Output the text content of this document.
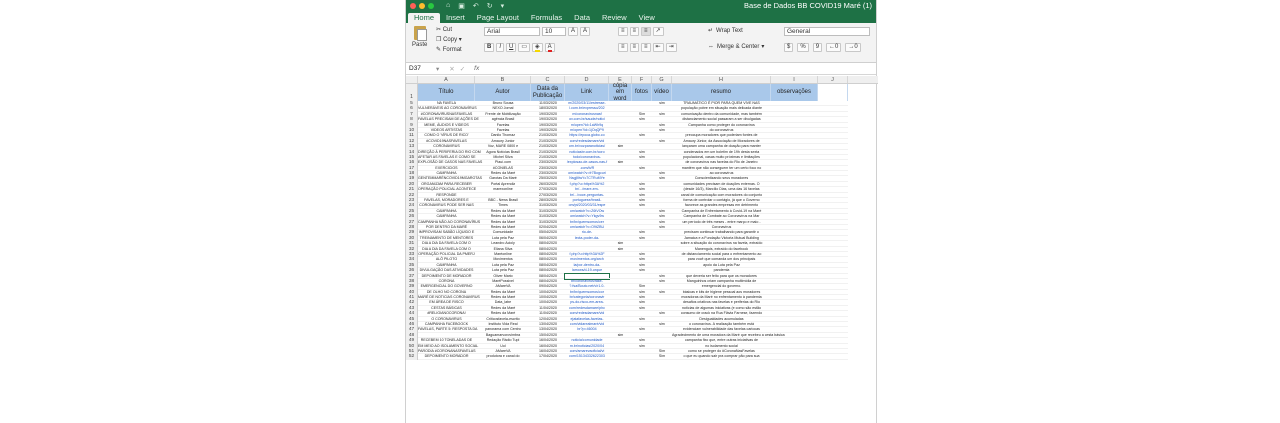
⌂ ▣ ↶ ↻ ▾	Base de Dados BB COVID19 Maré (1)
Home	Insert	Page Layout	Formulas	Data	Review	View
Paste
✂ Cut
❐ Copy ▾
✎ Format
Arial	10	A	A
B	I	U	▭	◈	A
≡	≡	≡	↗
≡	≡	≡	⇤	⇥
↵ Wrap Text
⇔ Merge & Center ▾
General
$	%	9	←0	→0
D37	▾ ✕✓ fx
A	B	C	D	E	F	G	H	I	J
1
Título	Autor
Data da Publicação
Link
cópia em word
fotos	vídeo	resumo	observações
5	NA FAVELA	Bruno Sousa	11/03/2020	m/2020/03/11/estresse-	sim	TRAUMÁTICO É PIOR PARA QUEM VIVE NAS
6	VULNERÁVEIS AO CORONAVÍRUS	NEXO Jornal	18/03/2020	l.com.br/expresso/202	população pobre em situação mais delicada diante
7	#CORONAVIRUSNASFAVELAS	Frente de Mobilização	19/03/2020	m/coronavirusnasf	Sim	sim	comunicação dentro da comunidade, mas também
8	FAVELAS PRECISAM DE AÇÕES DE	agência Brasil	19/03/2020	ov.com.br/saude/notici	sim	distanciamento social passaram a ser divulgadas
9	MEME, ÁUDIOS E VIDEOS	Favelas	19/03/2020	m/open?id=1aWh9q	sim	Campanha como proteger do coronavírus
10	VIDEOS ARTISTAS	Favelas	19/03/2020	m/open?id=1jOqQP9	sim	do coronavírus
11	COMO O 'VÍRUS DE RICO'	Danilo Thomaz	21/03/2020	https://epoca.globo.co	sim	preocupa moradores que poderiam fontes de
12	#COVID19NASFAVELAS	Amaury Junior	21/03/2020	com/redesdamare/vid	sim	Amaury Júnior, da Associação de Moradores de
13	CORONAVIRUS	Voz, MARE 0800 e	21/03/2020	om.br/vozparanoticias/	sim	lançaram uma campanha de doação para manter
14	DIREÇÃO À PERIFERIA DO RIO COM	Agora Notícias Brasil	21/03/2020	noticiasbr.com.br/coro	sim	condenados em um boletim de 19h desta sexta
15	AFETAR AS FAVELAS E COMO SE	Michel Silva	21/03/2020	todo/coronavirus-	sim	populacional, casas muito próximas e limitações
16	EXPLOSÃO DE CASOS NAS FAVELAS	Piauí.com	23/03/2020	/explosao-de-casos-nas-f	sim	de coronavírus nas favelas do Rio de Janeiro
17	EXERCICIOS	#CONIELAS	23/03/2020	.com/b/R	sim	mantém que não conseguem ter um certo foco no
18	CAMPANHA	Redes da Maré	23/03/2020	om/watch?v=fr7Bogcuri	sim	ao coronavírus
19	GENTEMMARÉNCOVID19MGAROTAS	Garotas Da Maré	25/03/2020	NsgjMwYc7CTRuMYe	sim	Conscientizando seus moradores
20	ORGANIZAM PARA RECEBER	Portal Aprendiz	26/03/2020	f.php?u=https%3A%2	sim	comunidades precisam de doações externas. O
21	OPERAÇÃO POLICIAL ACONTECE	marexonline	27/03/2020	br/.../mare-em-	sim	(desde 16/3), Marcílio Dias, uma das 16 favelas
22	RESPONDE	27/03/2020	br/.../voce-perguntas-	sim	canal de comunicação com moradores do conjunto
23	FAVELAS, MORADORES E	BBC - News Brasil	28/03/2020	portuguese/brasil-	sim	forma de controlar o contágio, já que o Governo
24	CORONAVIRUS PODE SER NAS	Times	31/03/2020	om/pt/2020/03/31/espe	sim	favorece as grandes empresas em detrimento
25	CAMPANHA	Redes da Maré	31/03/2020	om/watch?v=Z6tVOw	sim	Campanha de Enfrentamento à Covid-19 na Maré
26	CAMPANHA	Redes da Maré	31/03/2020	om/watch?v=Ykgv9w	sim	Campanha de Combate ao Coronavírus na Mar
27	CAMPANHA NÃO AO CORONAVÍRUS	Redes da Maré	31/03/2020	br/br/quemsomos/cer	sim	um período de três meses - entre março e maio -
28	POR DENTRO DA MARÉ	Redes da Maré	02/04/2020	om/watch?v=O9tZBU	sim	Coronavírus
29	IMPROVISAM SABÃO LÍQUIDO E	Comunidade	05/04/2020	rio-de-	sim	precisam continuar trabalhando para garantir o
30	TREINAMENTO DE MENTORES	Luta pela Paz	06/04/2020	lecta-poder-da-	sim	Jamaica e a Fundação Victoria Mutual Building
31	DIA A DIA DA FAVELA COM O	Leandro Acioly	08/04/2020	sim	sobre a situação do coronavírus na favela, extraído
32	DIA A DIA DA FAVELA COM O	Eliana Silva	08/04/2020	sim	Manenguis, extraído do facebook
33	OPERAÇÃO POLICIAL DA PMERJ	Maréonline	08/04/2020	f.php?u=http%3A%2F	sim	de distanciamento social para o enfrentamento ao
34	ALÔ PILOTO	Movimentos	08/04/2020	movimentos.org/arch	sim	para você que comanda um dos principais
35	CAMPANHA	Luta pela Paz	08/04/2020	la/por-dentro-da-	sim	apoio da Luta pela Paz
36	DIVULGAÇÃO DAS ATIVIDADES	Luta pela Paz	08/04/2020	larrows/d-19-orque	sim	pandemia
37	DEPOIMENTO DE MORADOR	Oliver Mario	08/04/2020	sim	que deveria ser feito para que os moradores
38	CORONA	MaréPossivel	08/04/2020	br/coronavirus/fake-	sim	Manguinhos criam campanha multimídia de
39	EMERGENCIAL DO GOVERNO	AMareVA	09/04/2020	?.fsa/Boutc.net/v/r1.0-	Sim	emergencial do governo.
40	DE OLHO NO CORONA	Redes da Maré	10/04/2020	br/br/quemsomos/cor	sim	sim	básicas e kits de higiene pessoal aos moradores
41	MARÉ DE NOTICIAS CORONAVIRUS	Redes da Maré	10/04/2020	br/categoria/coronavir	sim	moradoras da Maré no enfrentamento à pandemia
42	EM ÁREA DE RISCO	Data_labe	10/04/2020	ps-do-risco-em-area-	sim	desafios criativos nas favelas e periferias do Rio
43	CESTAS BÁSICAS	Redes da Maré	11/04/2020	com/redesdamare/phc	sim	notícias de algumas iniciativas (e como são estão
44	#RELIGIANOCORONA!	Redes da Maré	11/04/2020	com/redesdamare/vid	sim	consumo de crack na Rua Flávia Farnese, fazendo
45	O CORONAVIRUS	Criticosfavela-escrito	12/04/2020	ejatafavelas-favelas-	sim	Desigualdades acumuladas
46	CAMPANHA FACEBOOCK	Instituto Vida Real	13/04/2020	com/vidarealmaré/vid	sim	o coronavírus. A realização também está
47	FAVELAS, PARTE 5: RESPOSTA DA	panorama com Centro	13/04/2020	br?p=46004	sim	evidenciam vulnerabilidade das favelas cariocas
48	Baguamarvorovimbra	15/04/2020	sim	Agradecimento de uma moradora da Maré que recebeu a cesta básica
49	RECEBEM 10 TONELADAS DE	Redação Rádio Tupi	16/04/2020	noticia/comunidade	sim	campanha fixo que, entre outras iniciativas de
50	EM MEIO AO ISOLAMENTO SOCIAL	Uol	16/04/2020	m.br/noticias/2020/04	sim	no isolamento social
51	PARODIA #CORONANASFAVELAS	AMareVA	16/04/2020	com/amarevaoficial/vi	Sim	como se proteger do #CoronaNasFavelas
52	DEPOIMENTO MORADOR	produtora e canal do	17/04/2020	com/15134332622303	Sim	o que eu quando sair pra comprar pão para sua
